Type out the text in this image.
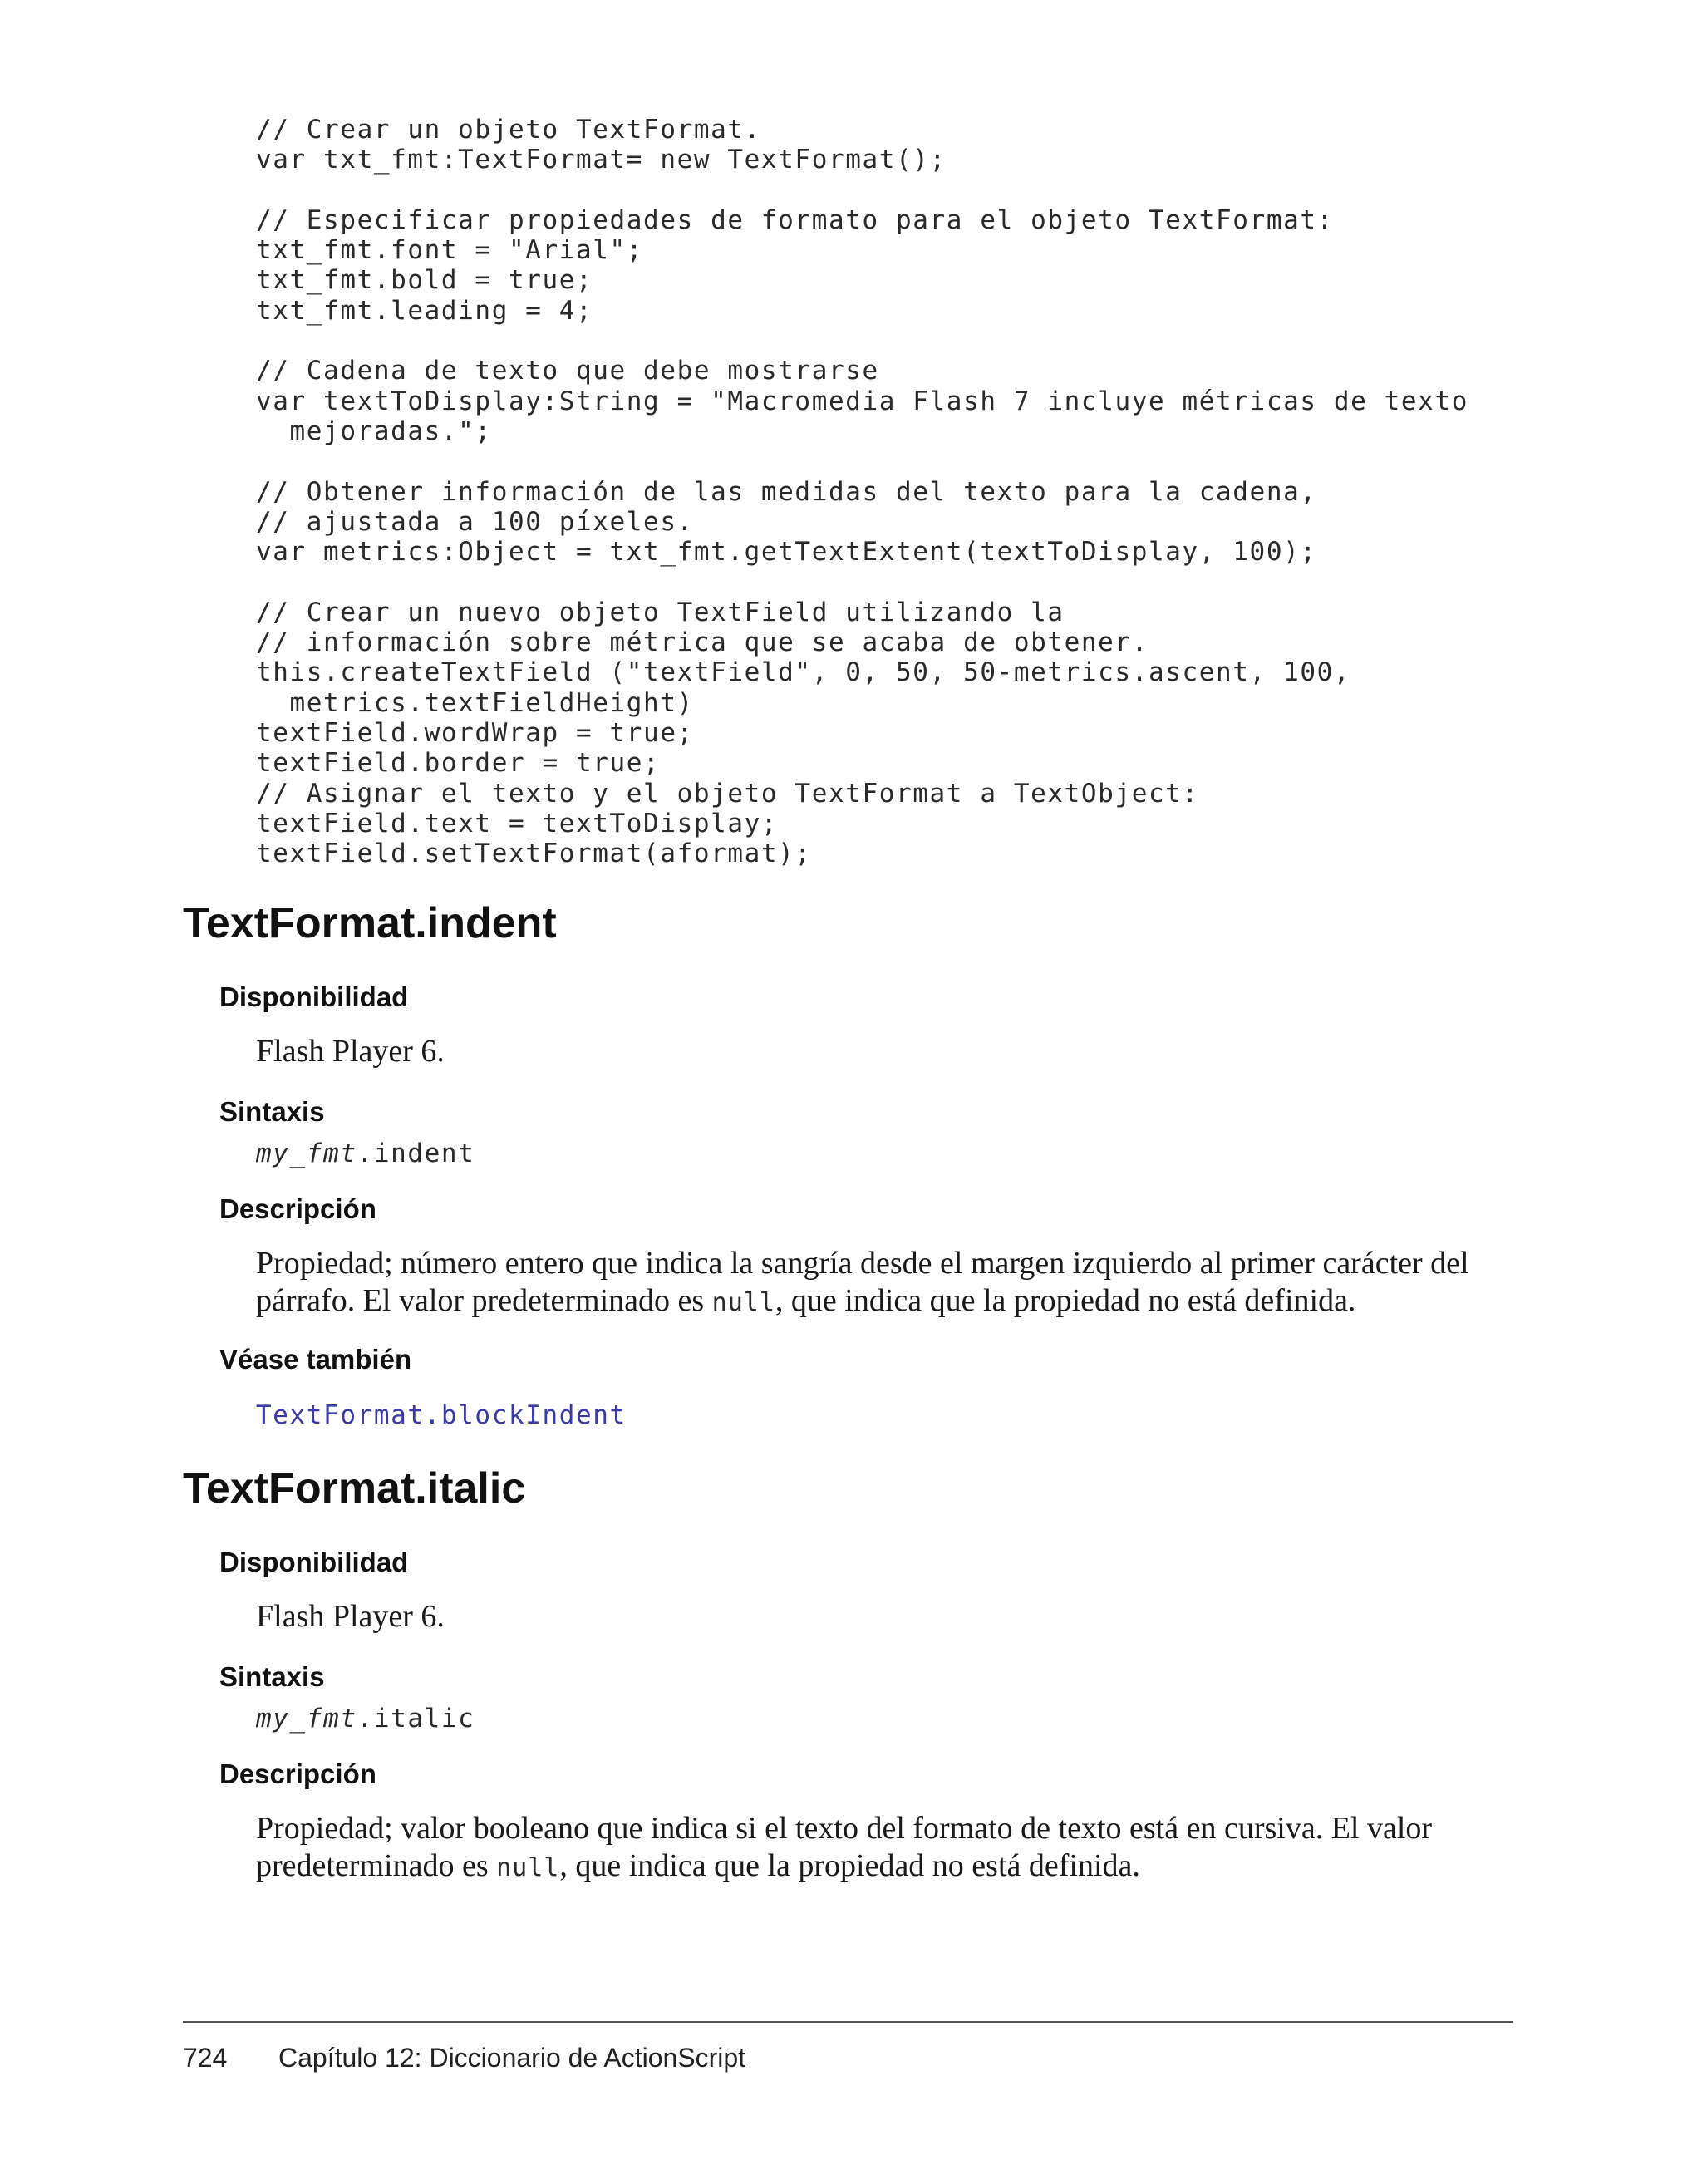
// Crear un objeto TextFormat.
var txt_fmt:TextFormat= new TextFormat();
// Especificar propiedades de formato para el objeto TextFormat:
txt_fmt.font = "Arial";
txt_fmt.bold = true;
txt_fmt.leading = 4;
// Cadena de texto que debe mostrarse
var textToDisplay:String = "Macromedia Flash 7 incluye métricas de texto
mejoradas.";
// Obtener información de las medidas del texto para la cadena,
// ajustada a 100 píxeles.
var metrics:Object = txt_fmt.getTextExtent(textToDisplay, 100);
// Crear un nuevo objeto TextField utilizando la
// información sobre métrica que se acaba de obtener.
this.createTextField ("textField", 0, 50, 50-metrics.ascent, 100,
metrics.textFieldHeight)
textField.wordWrap = true;
textField.border = true;
// Asignar el texto y el objeto TextFormat a TextObject:
textField.text = textToDisplay;
textField.setTextFormat(aformat);
TextFormat.indent
Disponibilidad

Flash Player 6.

Sintaxis

my_fmt.indent

Descripción

Propiedad; número entero que indica la sangría desde el margen izquierdo al primer carácter del párrafo. El valor predeterminado es null, que indica que la propiedad no está definida.

Véase también
TextFormat.blockIndent
TextFormat.italic
Disponibilidad

Flash Player 6.

Sintaxis

my_fmt.italic

Descripción

Propiedad; valor booleano que indica si el texto del formato de texto está en cursiva. El valor predeterminado es null, que indica que la propiedad no está definida.

724 Capítulo 12: Diccionario de ActionScript
